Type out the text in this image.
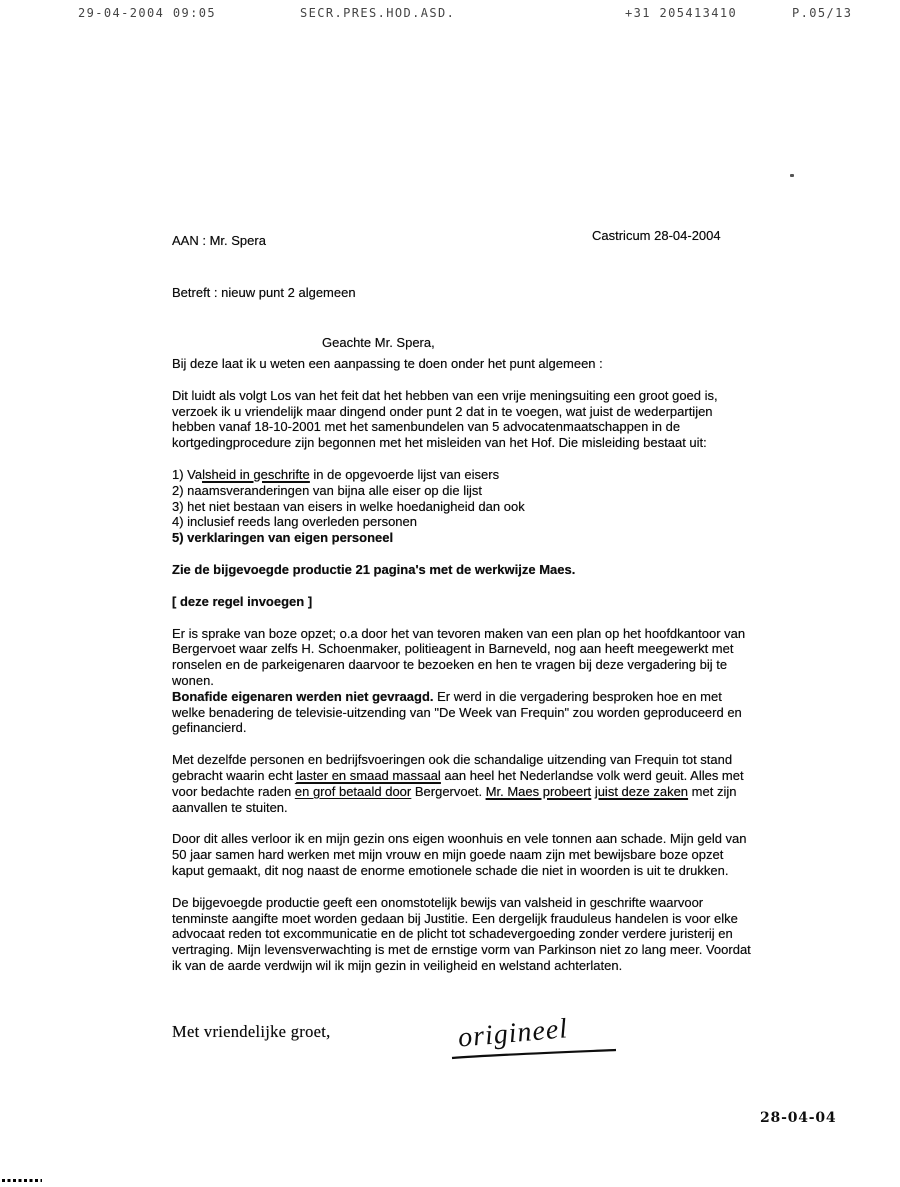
29-04-2004 09:05	SECR.PRES.HOD.ASD.	+31 205413410	P.05/13
AAN : Mr. Spera	Castricum 28-04-2004
Betreft : nieuw punt 2 algemeen
Geachte Mr. Spera,
Bij deze laat ik u weten een aanpassing te doen onder het punt algemeen :
Dit luidt als volgt Los van het feit dat het hebben van een vrije meningsuiting een groot goed is,
verzoek ik u vriendelijk maar dingend onder punt 2 dat in te voegen, wat juist de wederpartijen
hebben vanaf 18-10-2001 met het samenbundelen van 5 advocatenmaatschappen in de
kortgedingprocedure zijn begonnen met het misleiden van het Hof. Die misleiding bestaat uit:
1) Valsheid in geschrifte in de opgevoerde lijst van eisers
2) naamsveranderingen van bijna alle eiser op die lijst
3) het niet bestaan van eisers in welke hoedanigheid dan ook
4) inclusief reeds lang overleden personen
5) verklaringen van eigen personeel
Zie de bijgevoegde productie 21 pagina's met de werkwijze Maes.
[ deze regel invoegen ]
Er is sprake van boze opzet; o.a door het van tevoren maken van een plan op het hoofdkantoor van
Bergervoet waar zelfs H. Schoenmaker, politieagent in Barneveld, nog aan heeft meegewerkt met
ronselen en de parkeigenaren daarvoor te bezoeken en hen te vragen bij deze vergadering bij te
wonen.
Bonafide eigenaren werden niet gevraagd. Er werd in die vergadering besproken hoe en met
welke benadering de televisie-uitzending van "De Week van Frequin" zou worden geproduceerd en
gefinancierd.
Met dezelfde personen en bedrijfsvoeringen ook die schandalige uitzending van Frequin tot stand
gebracht waarin echt laster en smaad massaal aan heel het Nederlandse volk werd geuit. Alles met
voor bedachte raden en grof betaald door Bergervoet. Mr. Maes probeert juist deze zaken met zijn
aanvallen te stuiten.
Door dit alles verloor ik en mijn gezin ons eigen woonhuis en vele tonnen aan schade. Mijn geld van
50 jaar samen hard werken met mijn vrouw en mijn goede naam zijn met bewijsbare boze opzet
kaput gemaakt, dit nog naast de enorme emotionele schade die niet in woorden is uit te drukken.
De bijgevoegde productie geeft een onomstotelijk bewijs van valsheid in geschrifte waarvoor
tenminste aangifte moet worden gedaan bij Justitie. Een dergelijk frauduleus handelen is voor elke
advocaat reden tot excommunicatie en de plicht tot schadevergoeding zonder verdere juristerij en
vertraging. Mijn levensverwachting is met de ernstige vorm van Parkinson niet zo lang meer. Voordat
ik van de aarde verdwijn wil ik mijn gezin in veiligheid en welstand achterlaten.
Met vriendelijke groet,	origineel
28-04-04
